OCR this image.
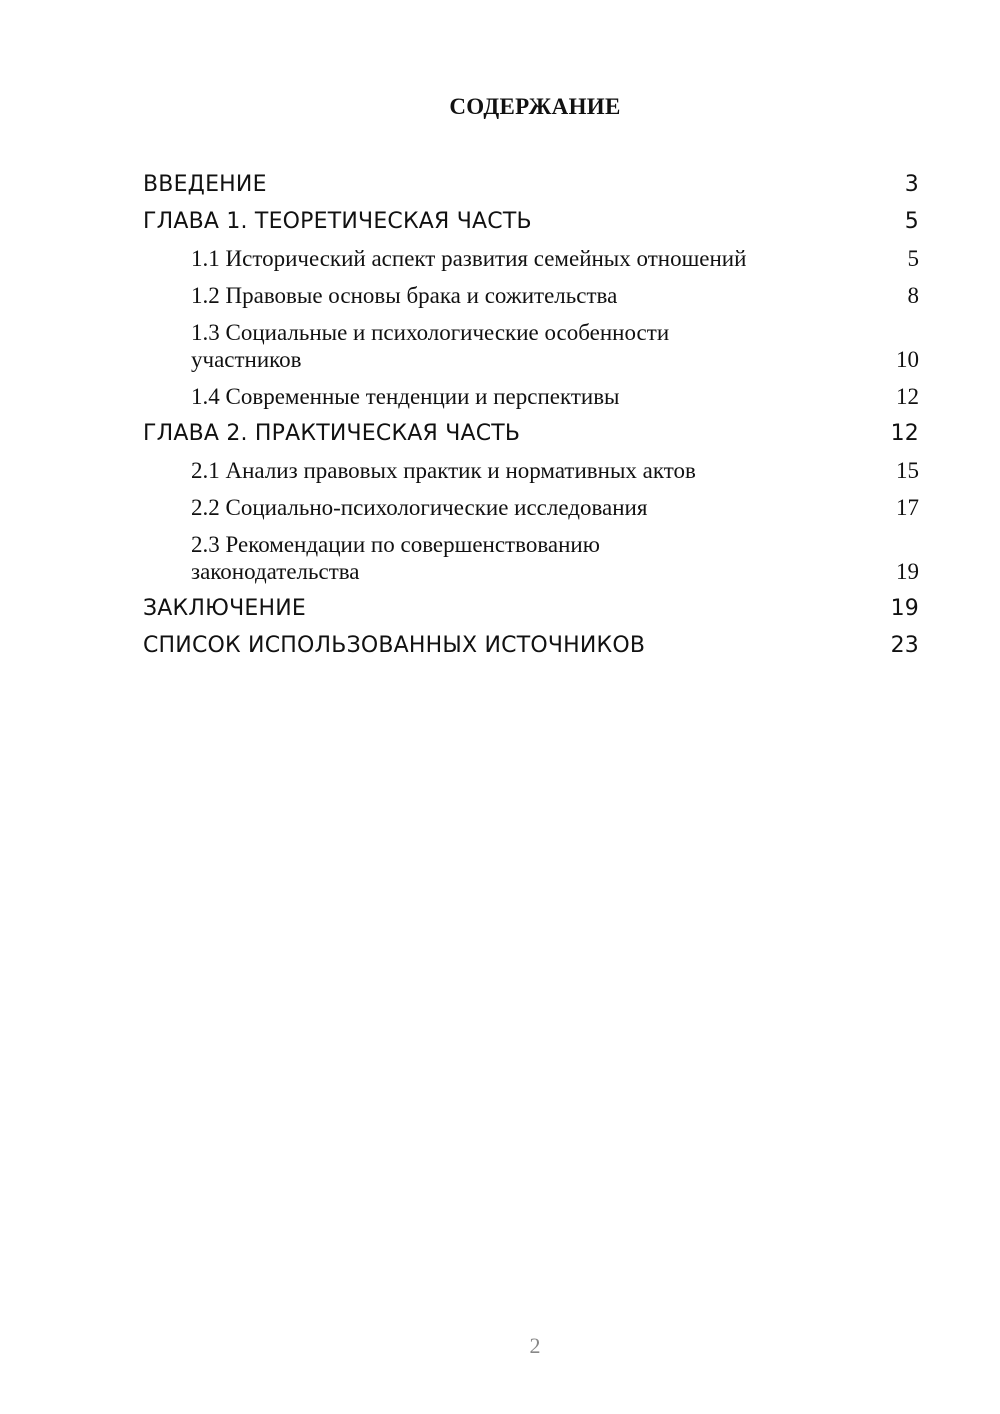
СОДЕРЖАНИЕ
ВВЕДЕНИЕ	3
ГЛАВА 1. ТЕОРЕТИЧЕСКАЯ ЧАСТЬ	5
1.1 Исторический аспект развития семейных отношений	5
1.2 Правовые основы брака и сожительства	8
1.3 Социальные и психологические особенности участников	10
1.4 Современные тенденции и перспективы	12
ГЛАВА 2. ПРАКТИЧЕСКАЯ ЧАСТЬ	12
2.1 Анализ правовых практик и нормативных актов	15
2.2 Социально-психологические исследования	17
2.3 Рекомендации по совершенствованию законодательства	19
ЗАКЛЮЧЕНИЕ	19
СПИСОК ИСПОЛЬЗОВАННЫХ ИСТОЧНИКОВ	23
2
